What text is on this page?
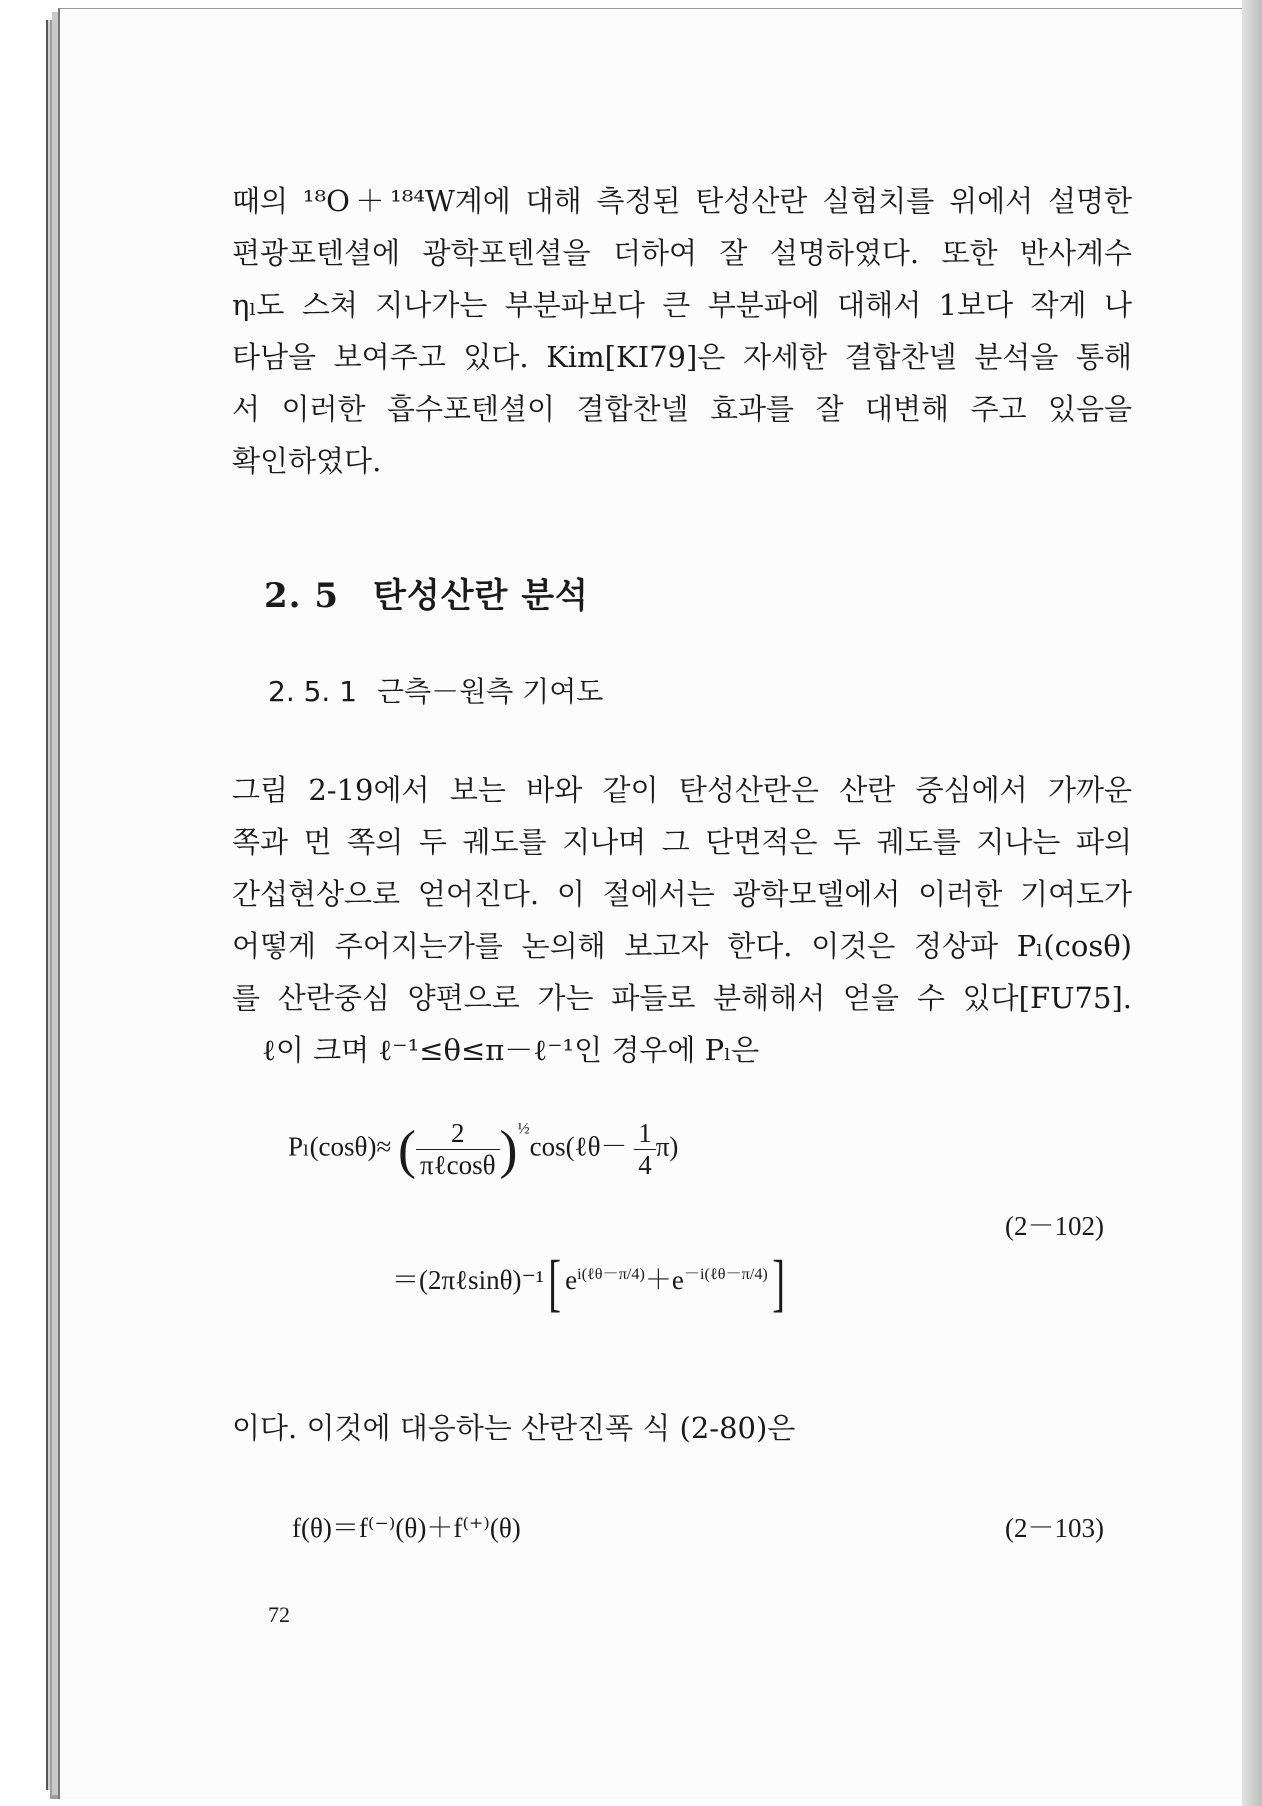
때의 ¹⁸O＋¹⁸⁴W계에 대해 측정된 탄성산란 실험치를 위에서 설명한
편광포텐셜에 광학포텐셜을 더하여 잘 설명하였다. 또한 반사계수
ηₗ도 스쳐 지나가는 부분파보다 큰 부분파에 대해서 1보다 작게 나
타남을 보여주고 있다. Kim[KI79]은 자세한 결합찬넬 분석을 통해
서 이러한 흡수포텐셜이 결합찬넬 효과를 잘 대변해 주고 있음을
확인하였다.

2. 5 탄성산란 분석
2. 5. 1 근측－원측 기여도

그림 2-19에서 보는 바와 같이 탄성산란은 산란 중심에서 가까운
쪽과 먼 쪽의 두 궤도를 지나며 그 단면적은 두 궤도를 지나는 파의
간섭현상으로 얻어진다. 이 절에서는 광학모델에서 이러한 기여도가
어떻게 주어지는가를 논의해 보고자 한다. 이것은 정상파 Pₗ(cosθ)
를 산란중심 양편으로 가는 파들로 분해해서 얻을 수 있다[FU75].
ℓ이 크며 ℓ⁻¹≤θ≤π－ℓ⁻¹인 경우에 Pₗ은

Pₗ(cosθ)≈ ( $\frac{2}{\text{πℓcosθ}}$ )$^{\frac{1}{2}}$cos(ℓθ－ $\frac{1}{4} \pi$)
(2－102)
＝(2πℓsinθ)⁻¹[ $e^{i(\ell\theta-\pi/4)}+e^{-i(\ell\theta-\pi/4)}$]

이다. 이것에 대응하는 산란진폭 식 (2-80)은

f(θ)＝f⁽⁻⁾(θ)＋f⁽⁺⁾(θ)	(2－103)
72
